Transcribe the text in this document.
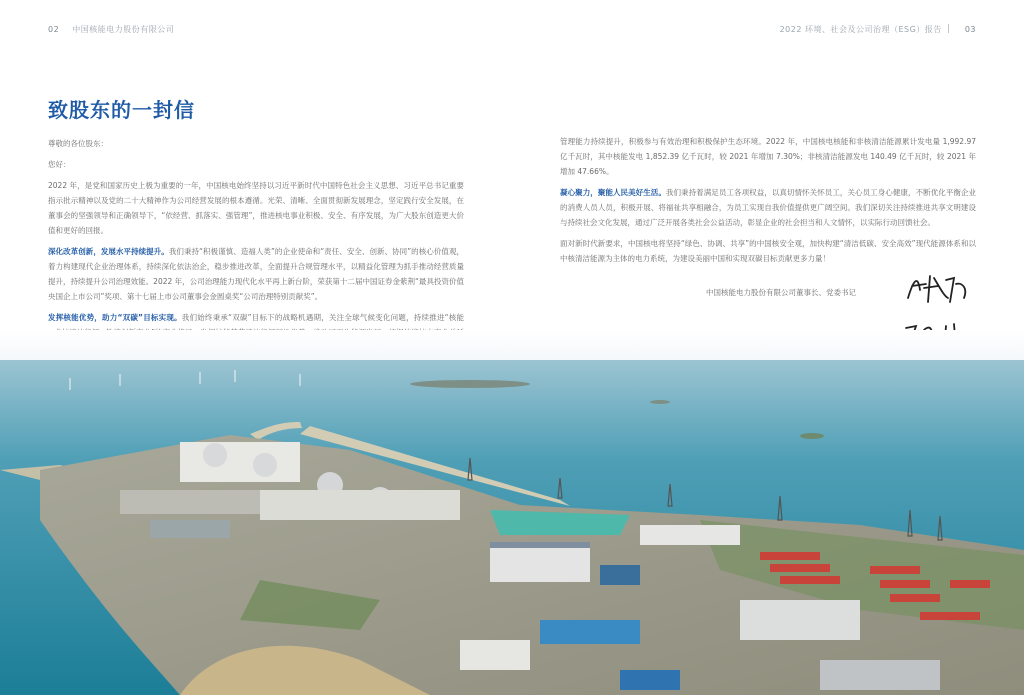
02 中国核能电力股份有限公司
致股东的一封信

尊敬的各位股东：

您好：

2022 年，是党和国家历史上极为重要的一年，中国核电始终坚持以习近平新时代中国特色社会主义思想、习近平总书记重要指示批示精神以及党的二十大精神作为公司经营发展的根本遵循。光荣、清晰、全面贯彻新发展理念，坚定践行安全发展，在董事会的坚强领导和正确领导下，“依经营、抓落实、强管理”，推进核电事业积极、安全、有序发展，为广大股东创造更大价值和更好的回报。

深化改革创新，发展水平持续提升。我们秉持“积极谨慎、造福人类”的企业使命和“责任、安全、创新、协同”的核心价值观，着力构建现代企业治理体系，持续深化依法治企，稳步推进改革，全面提升合规管理水平，以精益化管理为抓手推动经营质量提升，持续提升公司治理效能。2022 年，公司治理能力现代化水平再上新台阶，荣获第十二届中国证券金紫荆“最具投资价值央国企上市公司”奖项、第十七届上市公司董事会金圆桌奖“公司治理特别贡献奖”。

发挥核能优势，助力“双碳”目标实现。我们始终秉承“双碳”目标下的战略机遇期，关注全球气候变化问题，持续推进“核能

2022 环境、社会及公司治理（ESG）报告	03

管理能力持续提升，积极参与有效治理和积极保护生态环境。2022 年，中国核电核能和非核清洁能源累计发电量 1,992.97 亿千瓦时，其中核能发电 1,852.39 亿千瓦时，较 2021 年增加 7.30%；非核清洁能源发电 140.49 亿千瓦时，较 2021 年增加 47.66%。

凝心聚力，聚能人民美好生活。我们秉持着满足员工各项权益，以真切情怀关怀员工，关心员工身心健康，不断优化平衡企业的消费人员人员，积极开展、将福祉共享相融合，为员工实现自我价值提供更广阔空间。我们深切关注持续推进共享文明建设与持续社会文化发展，通过广泛开展各类社会公益活动，彰显企业的社会担当和人文情怀，以实际行动回馈社会。

面对新时代新要求，中国核电将坚持“绿色、协调、共享”的中国核安全观，加快构建“清洁低碳、安全高效”现代能源体系和以中核清洁能源为主体的电力系统，为建设美丽中国和实现双碳目标贡献更多力量！

中国核能电力股份有限公司董事长、党委书记
